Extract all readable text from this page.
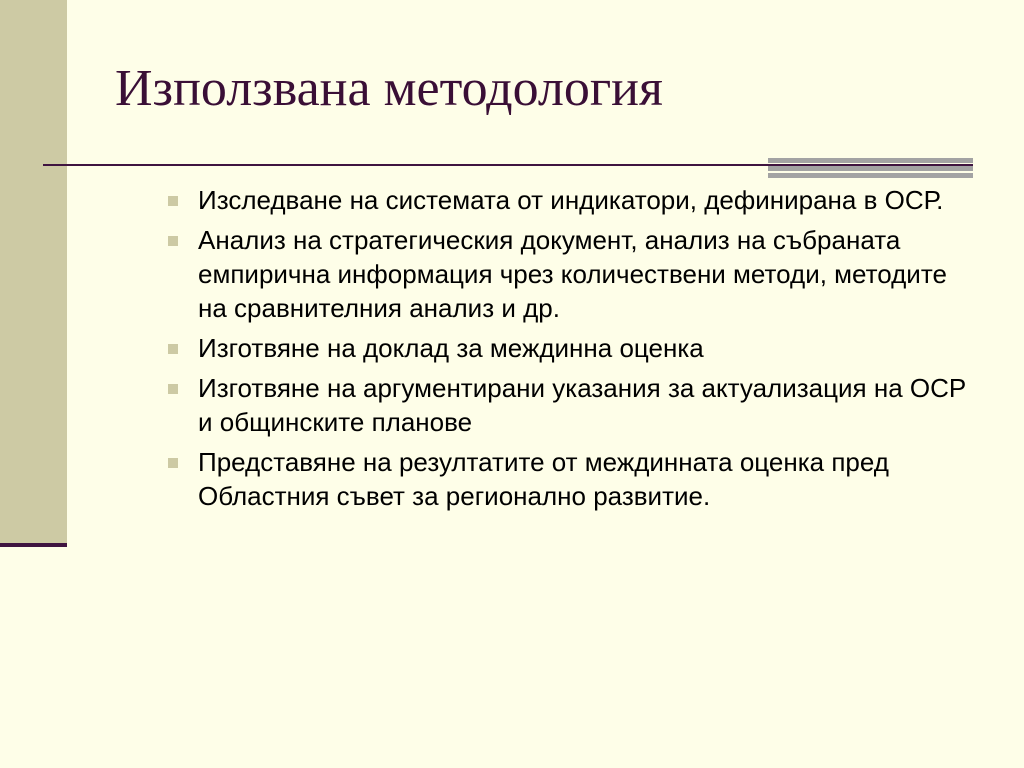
Използвана методология
Изследване на системата от индикатори, дефинирана в ОСР.
Анализ на стратегическия документ, анализ на събраната емпирична информация чрез количествени методи, методите на сравнителния анализ и др.
Изготвяне на доклад за междинна оценка
Изготвяне на аргументирани указания за актуализация на ОСР и общинските планове
Представяне на резултатите от междинната оценка пред Областния съвет за регионално развитие.
